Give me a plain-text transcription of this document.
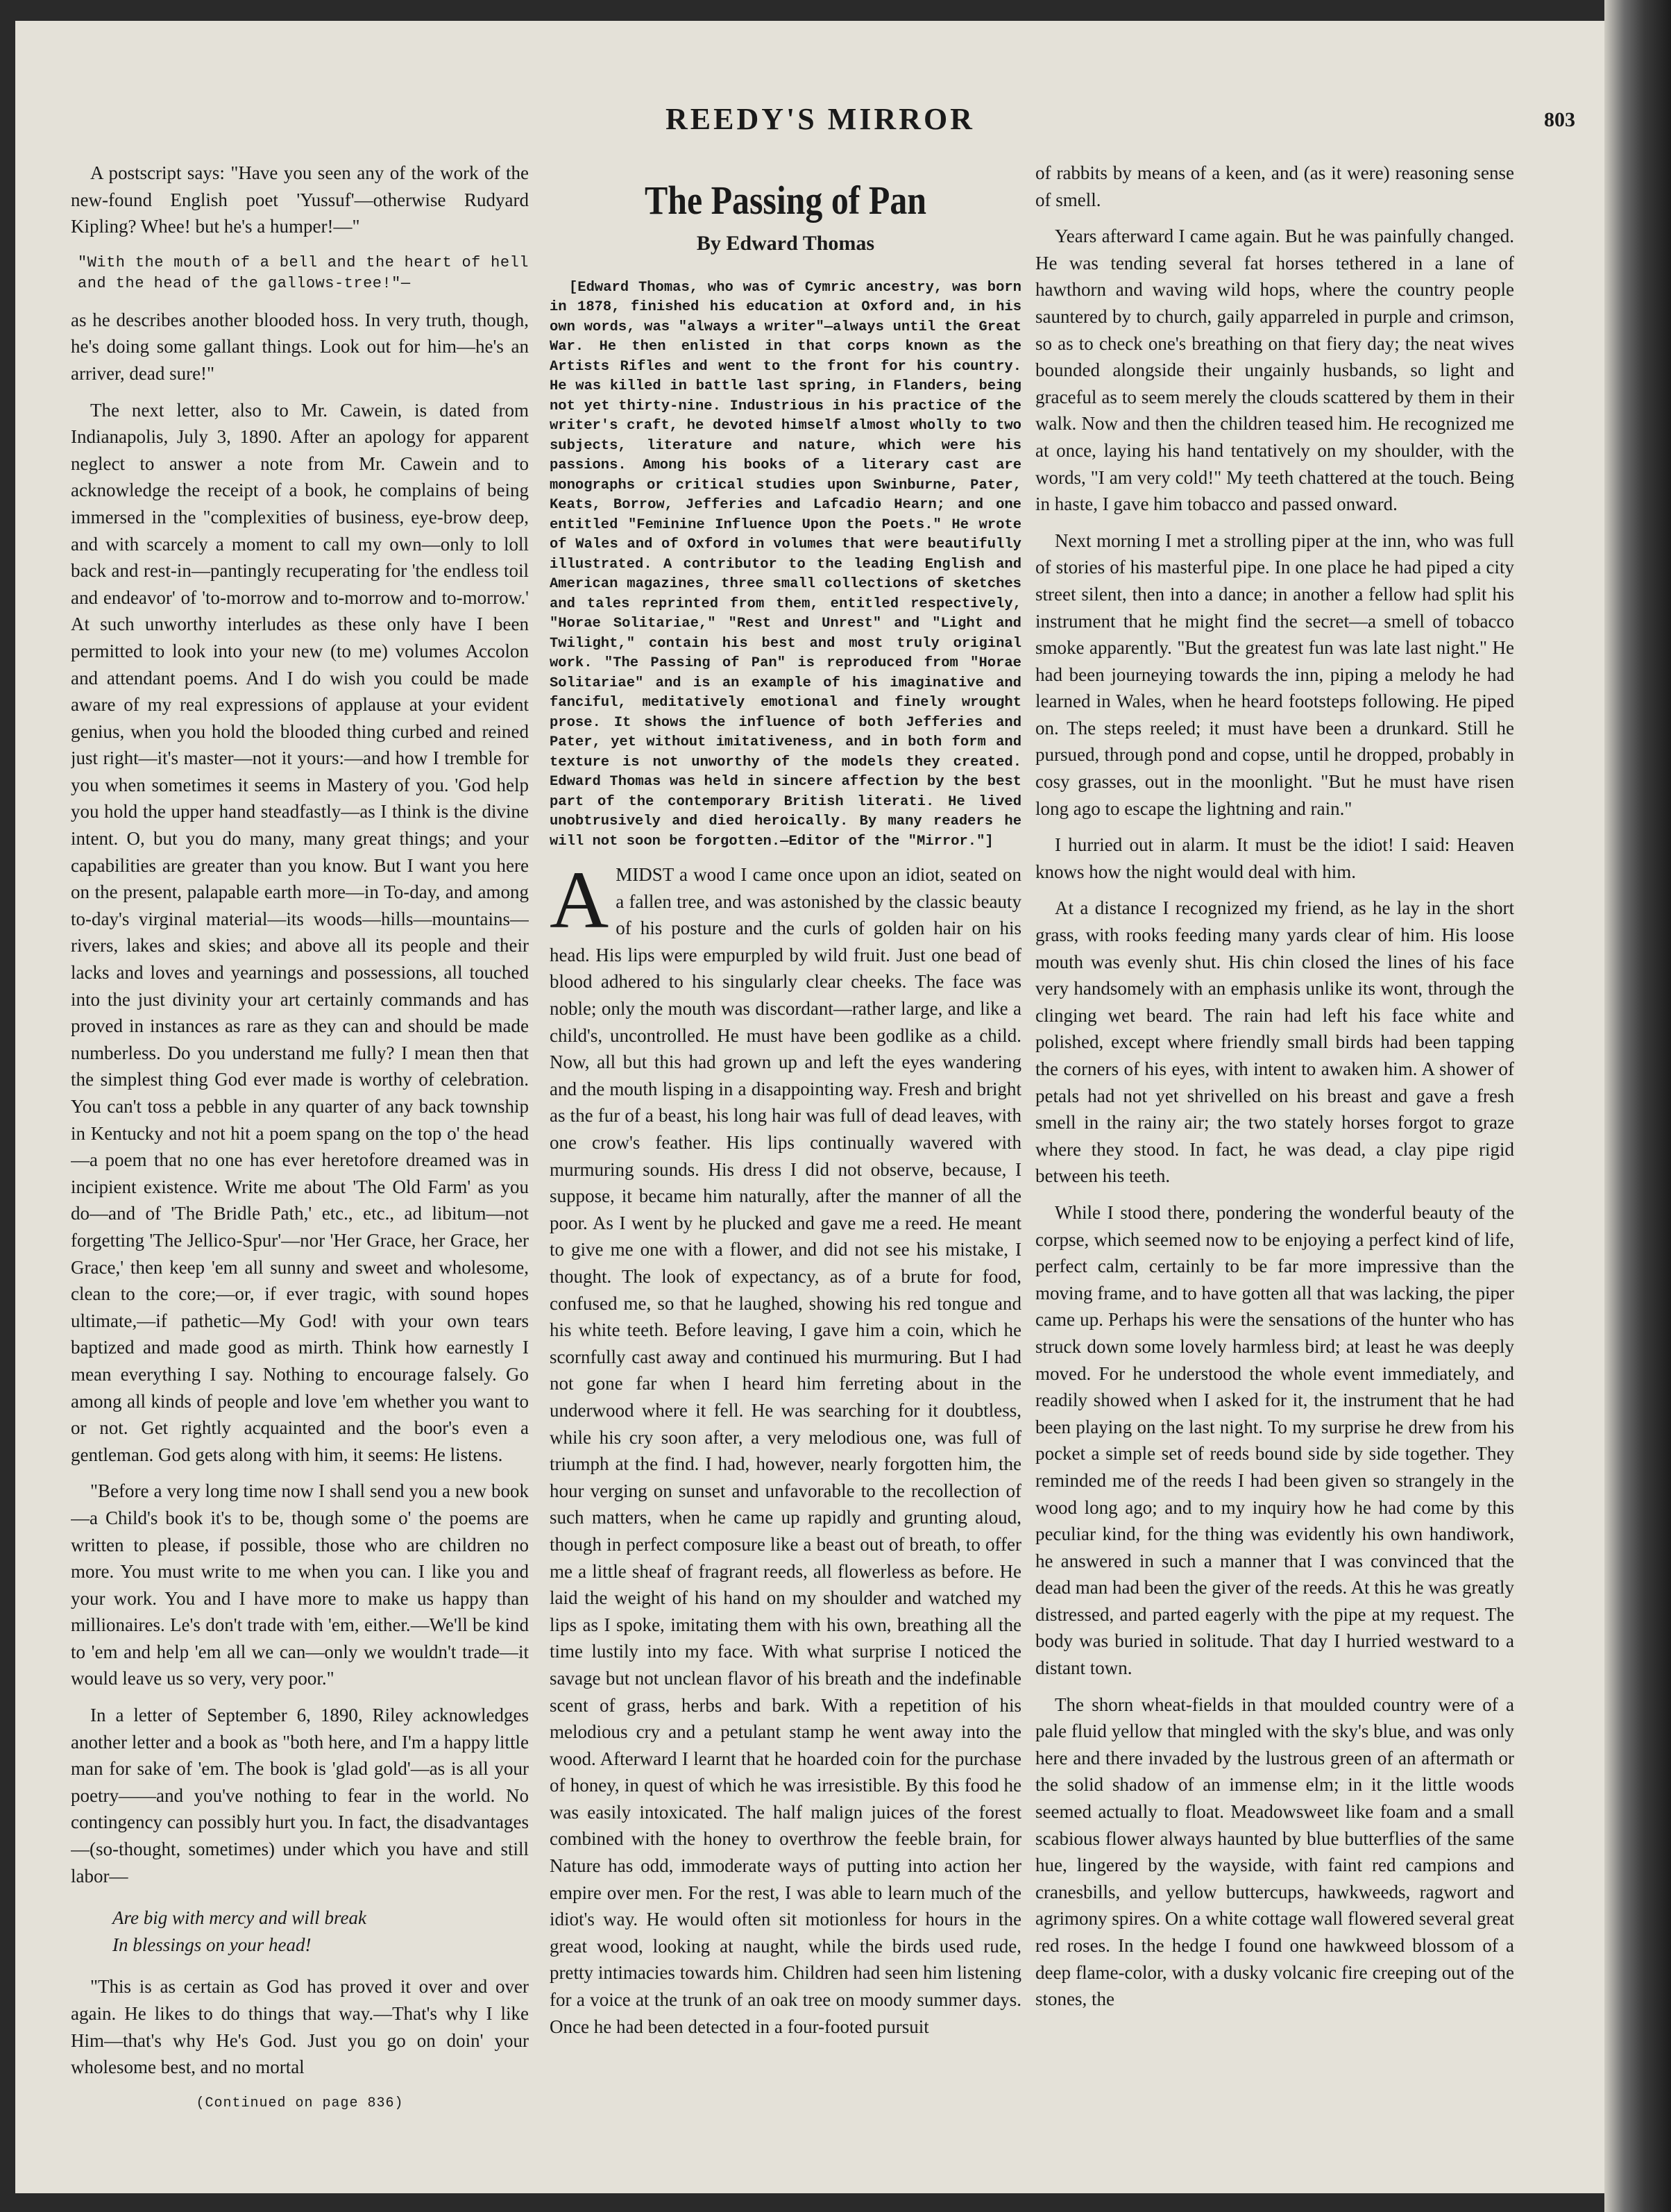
REEDY'S MIRROR	803

A postscript says: "Have you seen any of the work of the new-found English poet 'Yussuf'—otherwise Rudyard Kipling? Whee! but he's a humper!—"

"With the mouth of a bell and the heart of hell and the head of the gallows-tree!"—

as he describes another blooded hoss. In very truth, though, he's doing some gallant things. Look out for him—he's an arriver, dead sure!"

The next letter, also to Mr. Cawein, is dated from Indianapolis, July 3, 1890. After an apology for apparent neglect to answer a note from Mr. Cawein and to acknowledge the receipt of a book, he complains of being immersed in the "complexities of business, eye-brow deep, and with scarcely a moment to call my own—only to loll back and rest-in—pantingly recuperating for 'the endless toil and endeavor' of 'to-morrow and to-morrow and to-morrow.' At such unworthy interludes as these only have I been permitted to look into your new (to me) volumes Accolon and attendant poems. And I do wish you could be made aware of my real expressions of applause at your evident genius, when you hold the blooded thing curbed and reined just right—it's master—not it yours:—and how I tremble for you when sometimes it seems in Mastery of you. 'God help you hold the upper hand steadfastly—as I think is the divine intent. O, but you do many, many great things; and your capabilities are greater than you know. But I want you here on the present, palapable earth more—in To-day, and among to-day's virginal material—its woods—hills—mountains—rivers, lakes and skies; and above all its people and their lacks and loves and yearnings and possessions, all touched into the just divinity your art certainly commands and has proved in instances as rare as they can and should be made numberless. Do you understand me fully? I mean then that the simplest thing God ever made is worthy of celebration. You can't toss a pebble in any quarter of any back township in Kentucky and not hit a poem spang on the top o' the head—a poem that no one has ever heretofore dreamed was in incipient existence. Write me about 'The Old Farm' as you do—and of 'The Bridle Path,' etc., etc., ad libitum—not forgetting 'The Jellico-Spur'—nor 'Her Grace, her Grace, her Grace,' then keep 'em all sunny and sweet and wholesome, clean to the core;—or, if ever tragic, with sound hopes ultimate,—if pathetic—My God! with your own tears baptized and made good as mirth. Think how earnestly I mean everything I say. Nothing to encourage falsely. Go among all kinds of people and love 'em whether you want to or not. Get rightly acquainted and the boor's even a gentleman. God gets along with him, it seems: He listens.

"Before a very long time now I shall send you a new book—a Child's book it's to be, though some o' the poems are written to please, if possible, those who are children no more. You must write to me when you can. I like you and your work. You and I have more to make us happy than millionaires. Le's don't trade with 'em, either.—We'll be kind to 'em and help 'em all we can—only we wouldn't trade—it would leave us so very, very poor."

In a letter of September 6, 1890, Riley acknowledges another letter and a book as "both here, and I'm a happy little man for sake of 'em. The book is 'glad gold'—as is all your poetry——and you've nothing to fear in the world. No contingency can possibly hurt you. In fact, the disadvantages—(so-thought, sometimes) under which you have and still labor—

Are big with mercy and will break
In blessings on your head!

"This is as certain as God has proved it over and over again. He likes to do things that way.—That's why I like Him—that's why He's God. Just you go on doin' your wholesome best, and no mortal

(Continued on page 836)

The Passing of Pan
By Edward Thomas

[Edward Thomas, who was of Cymric ancestry, was born in 1878, finished his education at Oxford and, in his own words, was "always a writer"—always until the Great War. He then enlisted in that corps known as the Artists Rifles and went to the front for his country. He was killed in battle last spring, in Flanders, being not yet thirty-nine. Industrious in his practice of the writer's craft, he devoted himself almost wholly to two subjects, literature and nature, which were his passions. Among his books of a literary cast are monographs or critical studies upon Swinburne, Pater, Keats, Borrow, Jefferies and Lafcadio Hearn; and one entitled "Feminine Influence Upon the Poets." He wrote of Wales and of Oxford in volumes that were beautifully illustrated. A contributor to the leading English and American magazines, three small collections of sketches and tales reprinted from them, entitled respectively, "Horae Solitariae," "Rest and Unrest" and "Light and Twilight," contain his best and most truly original work. "The Passing of Pan" is reproduced from "Horae Solitariae" and is an example of his imaginative and fanciful, meditatively emotional and finely wrought prose. It shows the influence of both Jefferies and Pater, yet without imitativeness, and in both form and texture is not unworthy of the models they created. Edward Thomas was held in sincere affection by the best part of the contemporary British literati. He lived unobtrusively and died heroically. By many readers he will not soon be forgotten.—Editor of the "Mirror."]

AMIDST a wood I came once upon an idiot, seated on a fallen tree, and was astonished by the classic beauty of his posture and the curls of golden hair on his head. His lips were empurpled by wild fruit. Just one bead of blood adhered to his singularly clear cheeks. The face was noble; only the mouth was discordant—rather large, and like a child's, uncontrolled. He must have been godlike as a child. Now, all but this had grown up and left the eyes wandering and the mouth lisping in a disappointing way. Fresh and bright as the fur of a beast, his long hair was full of dead leaves, with one crow's feather. His lips continually wavered with murmuring sounds. His dress I did not observe, because, I suppose, it became him naturally, after the manner of all the poor. As I went by he plucked and gave me a reed. He meant to give me one with a flower, and did not see his mistake, I thought. The look of expectancy, as of a brute for food, confused me, so that he laughed, showing his red tongue and his white teeth. Before leaving, I gave him a coin, which he scornfully cast away and continued his murmuring. But I had not gone far when I heard him ferreting about in the underwood where it fell. He was searching for it doubtless, while his cry soon after, a very melodious one, was full of triumph at the find. I had, however, nearly forgotten him, the hour verging on sunset and unfavorable to the recollection of such matters, when he came up rapidly and grunting aloud, though in perfect composure like a beast out of breath, to offer me a little sheaf of fragrant reeds, all flowerless as before. He laid the weight of his hand on my shoulder and watched my lips as I spoke, imitating them with his own, breathing all the time lustily into my face. With what surprise I noticed the savage but not unclean flavor of his breath and the indefinable scent of grass, herbs and bark. With a repetition of his melodious cry and a petulant stamp he went away into the wood. Afterward I learnt that he hoarded coin for the purchase of honey, in quest of which he was irresistible. By this food he was easily intoxicated. The half malign juices of the forest combined with the honey to overthrow the feeble brain, for Nature has odd, immoderate ways of putting into action her empire over men. For the rest, I was able to learn much of the idiot's way. He would often sit motionless for hours in the great wood, looking at naught, while the birds used rude, pretty intimacies towards him. Children had seen him listening for a voice at the trunk of an oak tree on moody summer days. Once he had been detected in a four-footed pursuit

of rabbits by means of a keen, and (as it were) reasoning sense of smell.

Years afterward I came again. But he was painfully changed. He was tending several fat horses tethered in a lane of hawthorn and waving wild hops, where the country people sauntered by to church, gaily apparreled in purple and crimson, so as to check one's breathing on that fiery day; the neat wives bounded alongside their ungainly husbands, so light and graceful as to seem merely the clouds scattered by them in their walk. Now and then the children teased him. He recognized me at once, laying his hand tentatively on my shoulder, with the words, "I am very cold!" My teeth chattered at the touch. Being in haste, I gave him tobacco and passed onward.

Next morning I met a strolling piper at the inn, who was full of stories of his masterful pipe. In one place he had piped a city street silent, then into a dance; in another a fellow had split his instrument that he might find the secret—a smell of tobacco smoke apparently. "But the greatest fun was late last night." He had been journeying towards the inn, piping a melody he had learned in Wales, when he heard footsteps following. He piped on. The steps reeled; it must have been a drunkard. Still he pursued, through pond and copse, until he dropped, probably in cosy grasses, out in the moonlight. "But he must have risen long ago to escape the lightning and rain."

I hurried out in alarm. It must be the idiot! I said: Heaven knows how the night would deal with him.

At a distance I recognized my friend, as he lay in the short grass, with rooks feeding many yards clear of him. His loose mouth was evenly shut. His chin closed the lines of his face very handsomely with an emphasis unlike its wont, through the clinging wet beard. The rain had left his face white and polished, except where friendly small birds had been tapping the corners of his eyes, with intent to awaken him. A shower of petals had not yet shrivelled on his breast and gave a fresh smell in the rainy air; the two stately horses forgot to graze where they stood. In fact, he was dead, a clay pipe rigid between his teeth.

While I stood there, pondering the wonderful beauty of the corpse, which seemed now to be enjoying a perfect kind of life, perfect calm, certainly to be far more impressive than the moving frame, and to have gotten all that was lacking, the piper came up. Perhaps his were the sensations of the hunter who has struck down some lovely harmless bird; at least he was deeply moved. For he understood the whole event immediately, and readily showed when I asked for it, the instrument that he had been playing on the last night. To my surprise he drew from his pocket a simple set of reeds bound side by side together. They reminded me of the reeds I had been given so strangely in the wood long ago; and to my inquiry how he had come by this peculiar kind, for the thing was evidently his own handiwork, he answered in such a manner that I was convinced that the dead man had been the giver of the reeds. At this he was greatly distressed, and parted eagerly with the pipe at my request. The body was buried in solitude. That day I hurried westward to a distant town.

The shorn wheat-fields in that moulded country were of a pale fluid yellow that mingled with the sky's blue, and was only here and there invaded by the lustrous green of an aftermath or the solid shadow of an immense elm; in it the little woods seemed actually to float. Meadowsweet like foam and a small scabious flower always haunted by blue butterflies of the same hue, lingered by the wayside, with faint red campions and cranesbills, and yellow buttercups, hawkweeds, ragwort and agrimony spires. On a white cottage wall flowered several great red roses. In the hedge I found one hawkweed blossom of a deep flame-color, with a dusky volcanic fire creeping out of the stones, the
